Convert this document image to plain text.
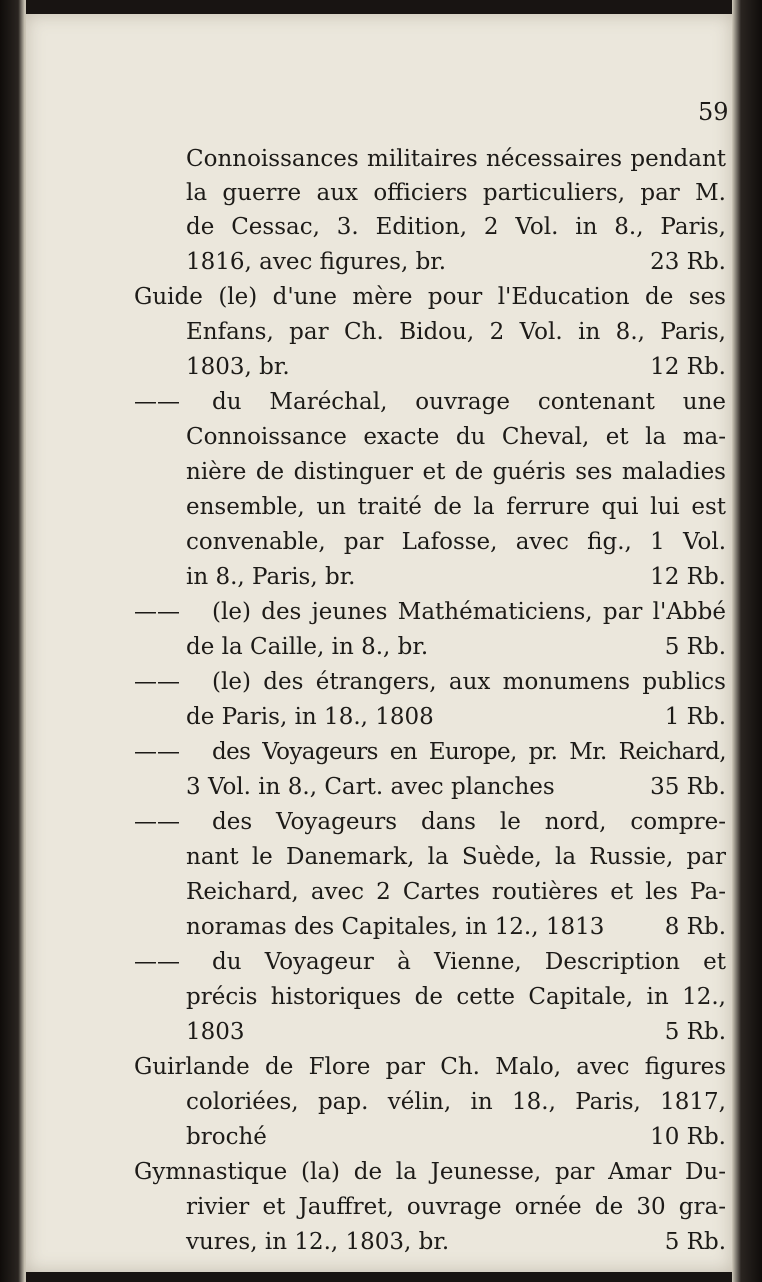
59
Connoissances militaires nécessaires pendant
la guerre aux officiers particuliers, par M.
de Cessac, 3. Edition, 2 Vol. in 8., Paris,
1816, avec figures, br.	23 Rb.
Guide (le) d'une mère pour l'Education de ses
Enfans, par Ch. Bidou, 2 Vol. in 8., Paris,
1803, br.	12 Rb.
—— du Maréchal, ouvrage contenant une
Connoissance exacte du Cheval, et la ma-
nière de distinguer et de guéris ses maladies
ensemble, un traité de la ferrure qui lui est
convenable, par Lafosse, avec fig., 1 Vol.
in 8., Paris, br.	12 Rb.
—— (le) des jeunes Mathématiciens, par l'Abbé
de la Caille, in 8., br.	5 Rb.
—— (le) des étrangers, aux monumens publics
de Paris, in 18., 1808	1 Rb.
—— des Voyageurs en Europe, pr. Mr. Reichard,
3 Vol. in 8., Cart. avec planches	35 Rb.
—— des Voyageurs dans le nord, compre-
nant le Danemark, la Suède, la Russie, par
Reichard, avec 2 Cartes routières et les Pa-
noramas des Capitales, in 12., 1813	8 Rb.
—— du Voyageur à Vienne, Description et
précis historiques de cette Capitale, in 12.,
1803	5 Rb.
Guirlande de Flore par Ch. Malo, avec figures
coloriées, pap. vélin, in 18., Paris, 1817,
broché	10 Rb.
Gymnastique (la) de la Jeunesse, par Amar Du-
rivier et Jauffret, ouvrage ornée de 30 gra-
vures, in 12., 1803, br.	5 Rb.
